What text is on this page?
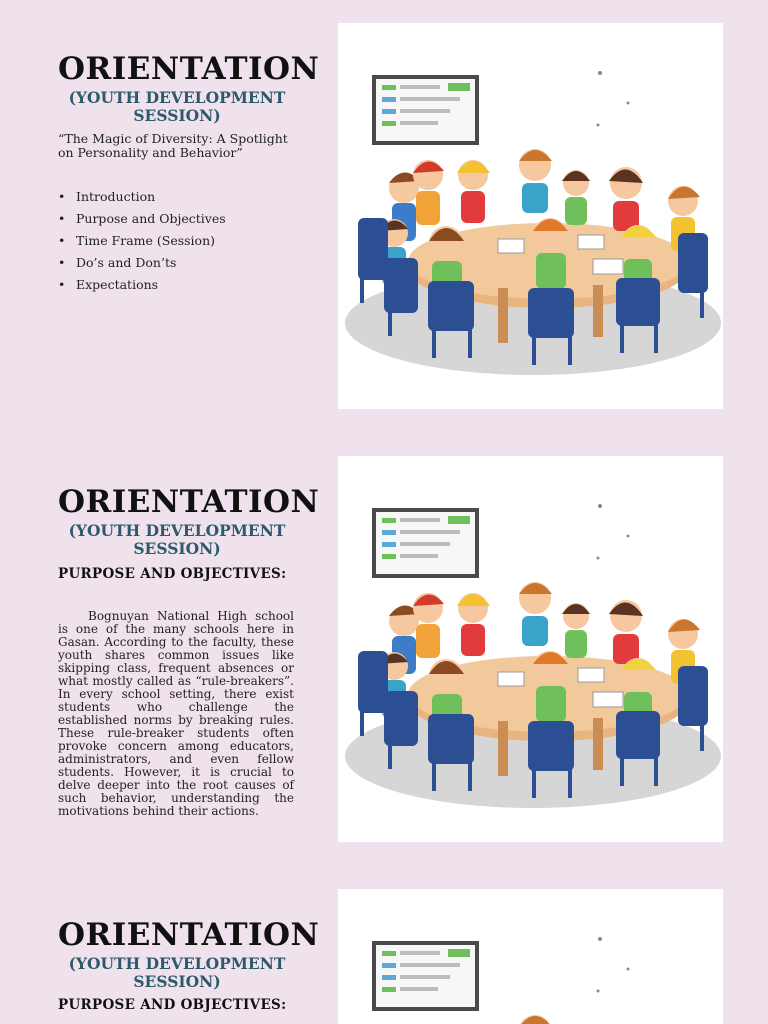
ORIENTATION
(YOUTH DEVELOPMENT SESSION)
“The Magic of Diversity: A Spotlight on Personality and Behavior”
• Introduction
• Purpose and Objectives
• Time Frame (Session)
• Do’s and Don’ts
• Expectations
ORIENTATION
(YOUTH DEVELOPMENT SESSION)
PURPOSE AND OBJECTIVES:
Bognuyan National High school is one of the many schools here in Gasan. According to the faculty, these youth shares common issues like skipping class, frequent absences or what mostly called as “rule-breakers”. In every school setting, there exist students who challenge the established norms by breaking rules. These rule-breaker students often provoke concern among educators, administrators, and even fellow students. However, it is crucial to delve deeper into the root causes of such behavior, understanding the motivations behind their actions.
ORIENTATION
(YOUTH DEVELOPMENT SESSION)
PURPOSE AND OBJECTIVES:
